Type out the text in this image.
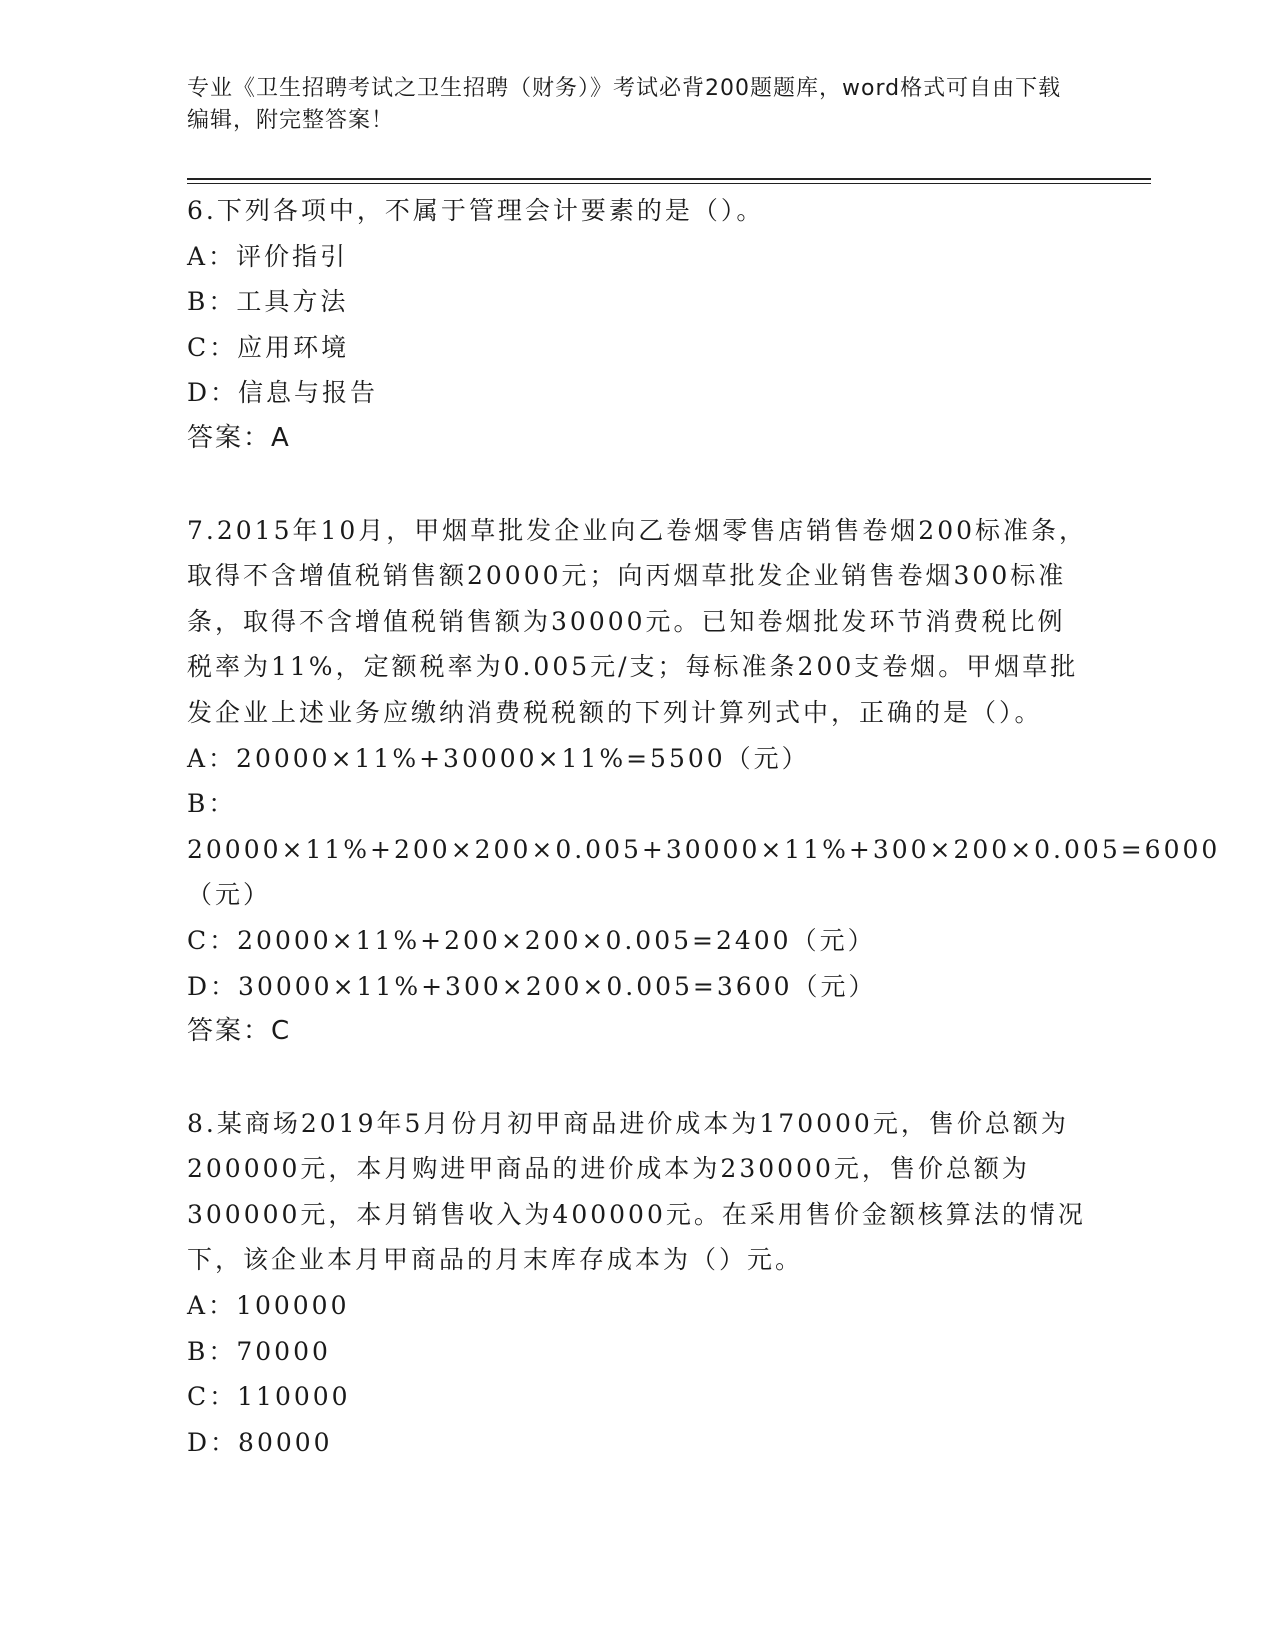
专业《卫生招聘考试之卫生招聘（财务）》考试必背200题题库，word格式可自由下载编辑，附完整答案！

6.下列各项中，不属于管理会计要素的是（）。

A：评价指引

B：工具方法

C：应用环境

D：信息与报告

答案：A

7.2015年10月，甲烟草批发企业向乙卷烟零售店销售卷烟200标准条，取得不含增值税销售额20000元；向丙烟草批发企业销售卷烟300标准条，取得不含增值税销售额为30000元。已知卷烟批发环节消费税比例税率为11%，定额税率为0.005元/支；每标准条200支卷烟。甲烟草批发企业上述业务应缴纳消费税税额的下列计算列式中，正确的是（）。

A：20000×11%+30000×11%=5500（元）

B：20000×11%+200×200×0.005+30000×11%+300×200×0.005=6000（元）

C：20000×11%+200×200×0.005=2400（元）

D：30000×11%+300×200×0.005=3600（元）

答案：C

8.某商场2019年5月份月初甲商品进价成本为170000元，售价总额为200000元，本月购进甲商品的进价成本为230000元，售价总额为300000元，本月销售收入为400000元。在采用售价金额核算法的情况下，该企业本月甲商品的月末库存成本为（）元。

A：100000

B：70000

C：110000

D：80000
